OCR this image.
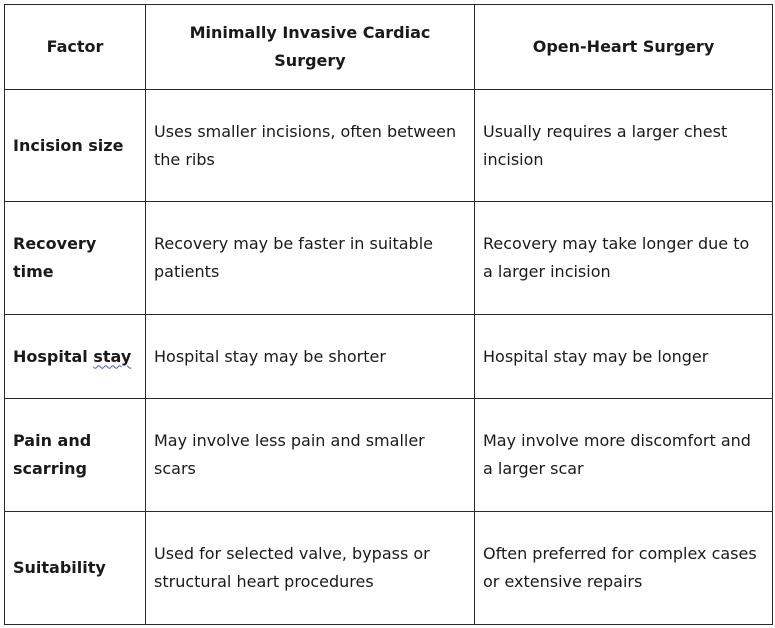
Factor	Minimally Invasive Cardiac Surgery	Open-Heart Surgery
Incision size	Uses smaller incisions, often between the ribs	Usually requires a larger chest incision
Recovery time	Recovery may be faster in suitable patients	Recovery may take longer due to a larger incision
Hospital stay	Hospital stay may be shorter	Hospital stay may be longer
Pain and scarring	May involve less pain and smaller scars	May involve more discomfort and a larger scar
Suitability	Used for selected valve, bypass or structural heart procedures	Often preferred for complex cases or extensive repairs
